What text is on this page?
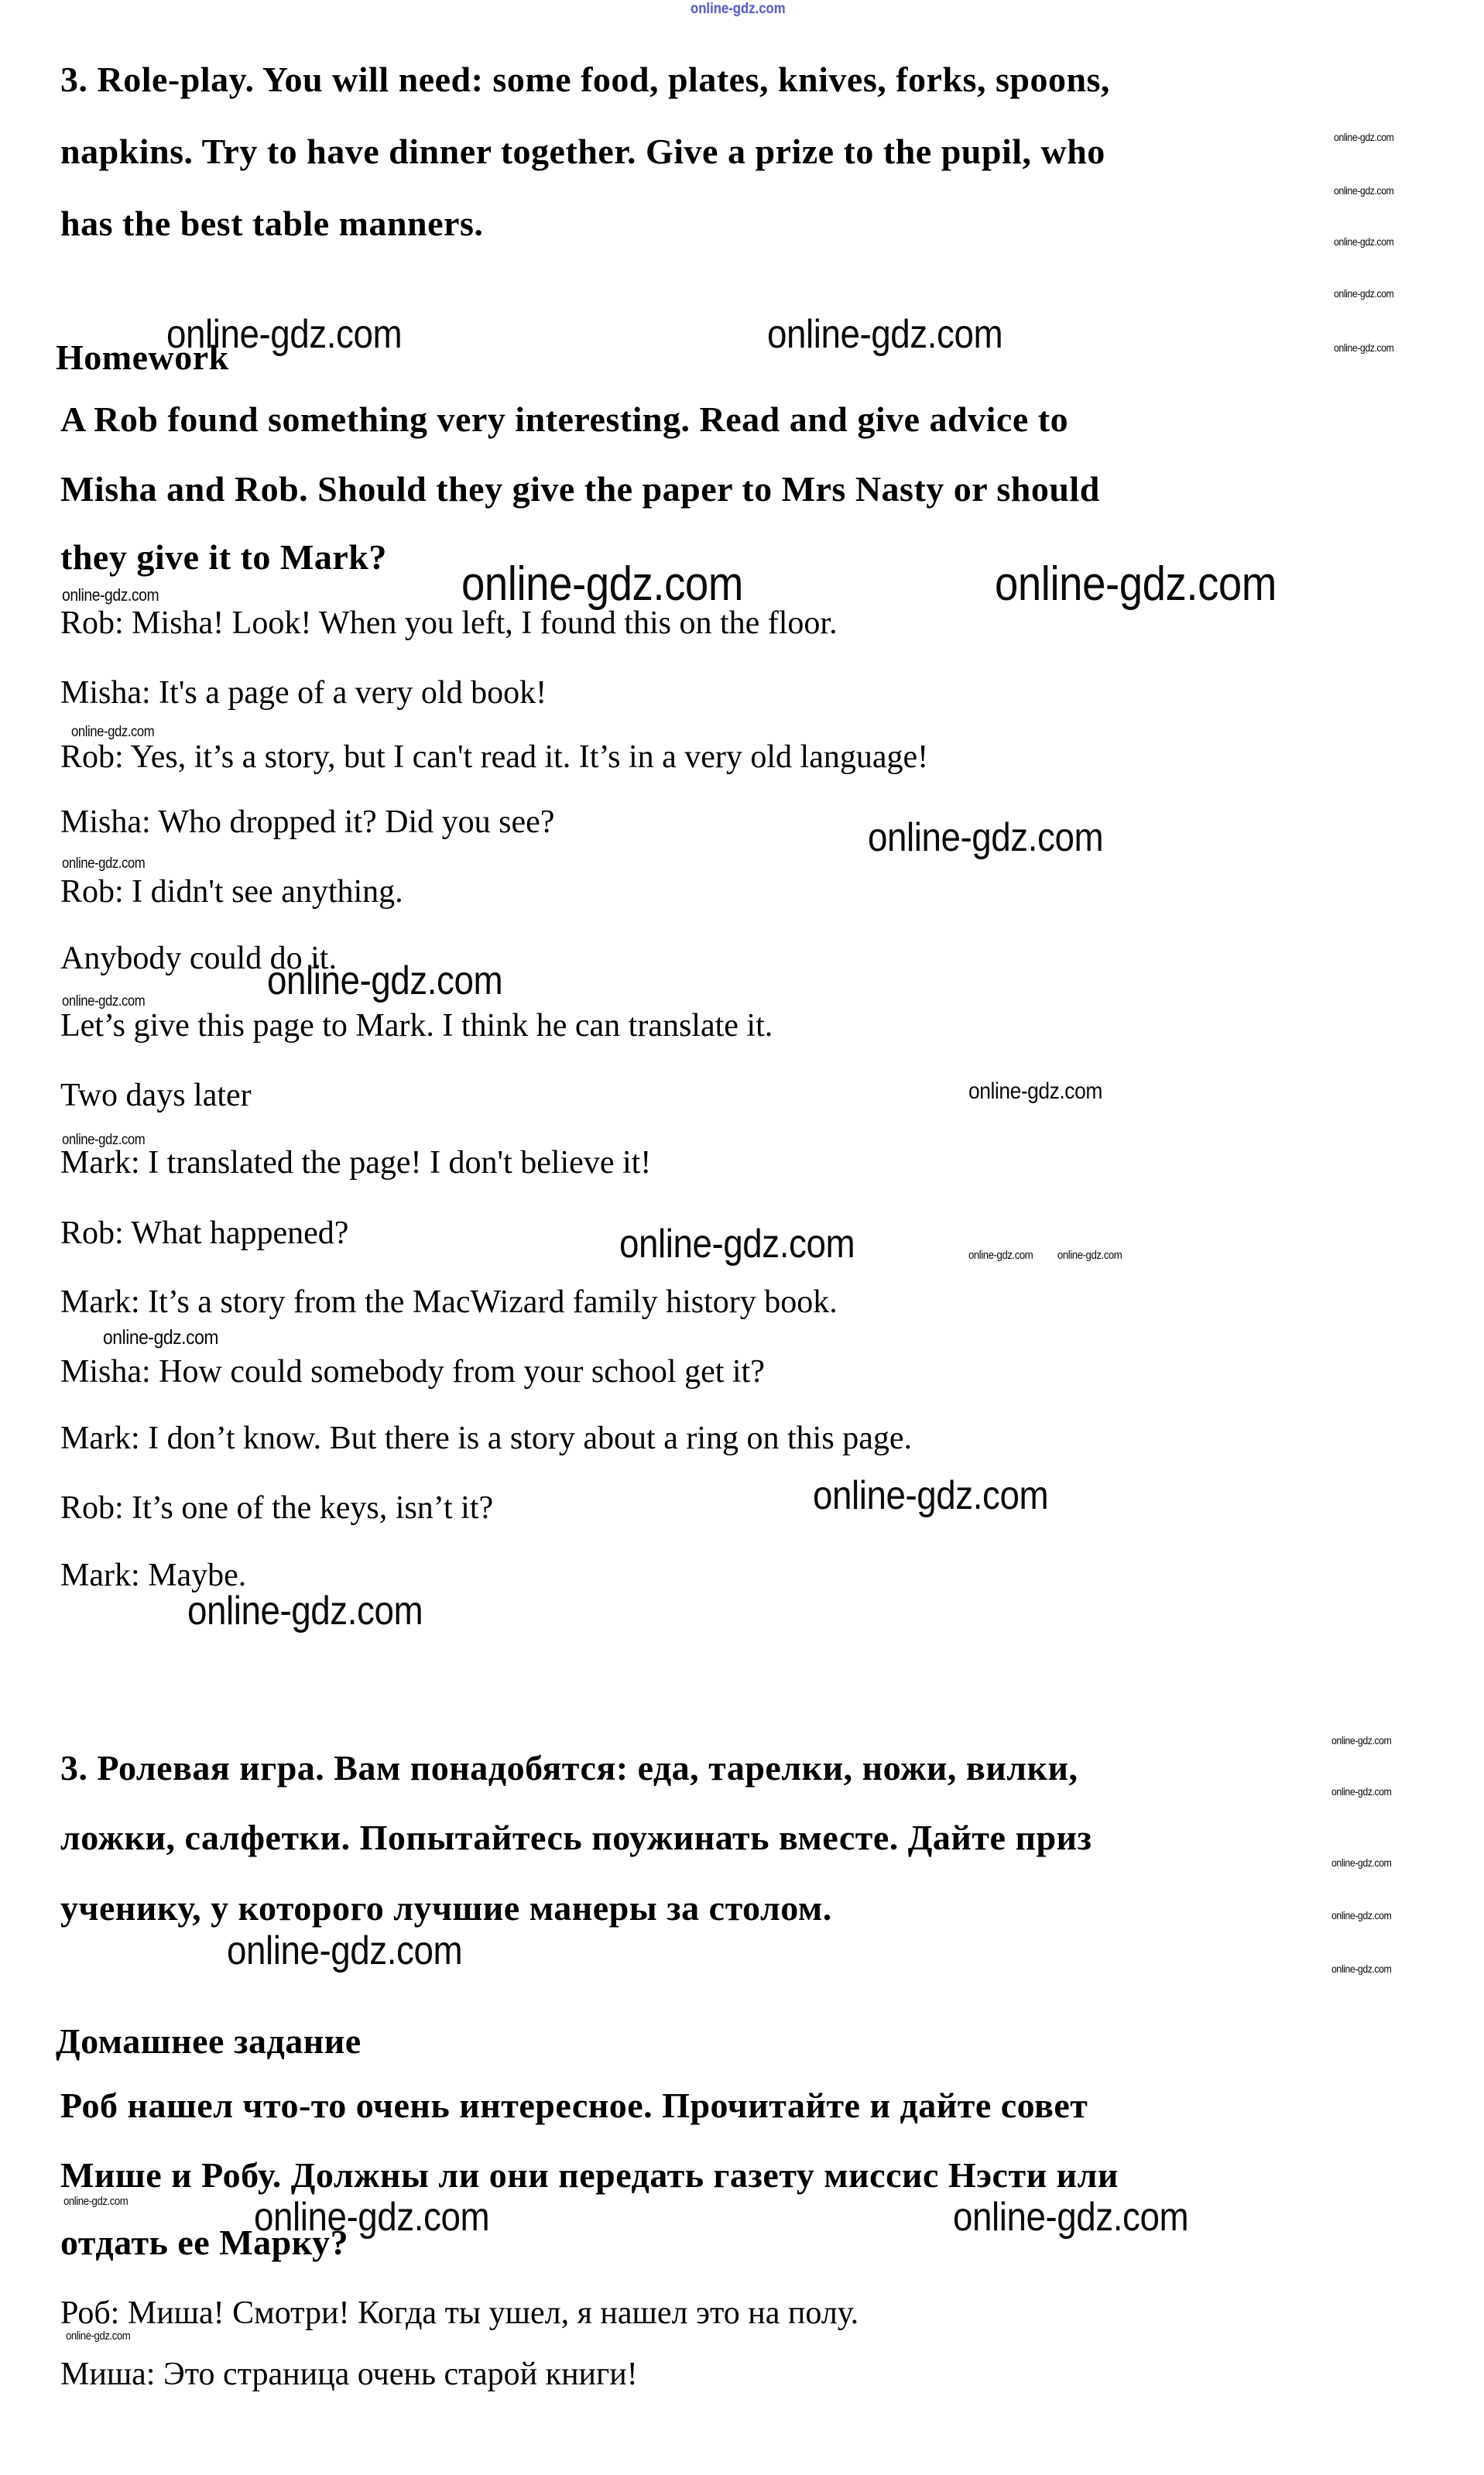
3. Role-play. You will need: some food, plates, knives, forks, spoons,
napkins. Try to have dinner together. Give a prize to the pupil, who
has the best table manners.
Homework
A Rob found something very interesting. Read and give advice to
Misha and Rob. Should they give the paper to Mrs Nasty or should
they give it to Mark?
Rob: Misha! Look! When you left, I found this on the floor.
Misha: It's a page of a very old book!
Rob: Yes, it’s a story, but I can't read it. It’s in a very old language!
Misha: Who dropped it? Did you see?
Rob: I didn't see anything.
Anybody could do it.
Let’s give this page to Mark. I think he can translate it.
Two days later
Mark: I translated the page! I don't believe it!
Rob: What happened?
Mark: It’s a story from the MacWizard family history book.
Misha: How could somebody from your school get it?
Mark: I don’t know. But there is a story about a ring on this page.
Rob: It’s one of the keys, isn’t it?
Mark: Maybe.
3. Ролевая игра. Вам понадобятся: еда, тарелки, ножи, вилки,
ложки, салфетки. Попытайтесь поужинать вместе. Дайте приз
ученику, у которого лучшие манеры за столом.
Домашнее задание
Роб нашел что-то очень интересное. Прочитайте и дайте совет
Мише и Робу. Должны ли они передать газету миссис Нэсти или
отдать ее Марку?
Роб: Миша! Смотри! Когда ты ушел, я нашел это на полу.
Миша: Это страница очень старой книги!
online-gdz.com
online-gdz.com	online-gdz.com
online-gdz.com	online-gdz.com
online-gdz.com
online-gdz.com
online-gdz.com
online-gdz.com
online-gdz.com
online-gdz.com
online-gdz.com	online-gdz.com
online-gdz.com
online-gdz.com
online-gdz.com
online-gdz.com
online-gdz.com
online-gdz.com
online-gdz.com
online-gdz.com
online-gdz.com
online-gdz.com online-gdz.com
online-gdz.com
online-gdz.com
online-gdz.com
online-gdz.com
online-gdz.com
online-gdz.com
online-gdz.com
online-gdz.com
online-gdz.com
online-gdz.com
